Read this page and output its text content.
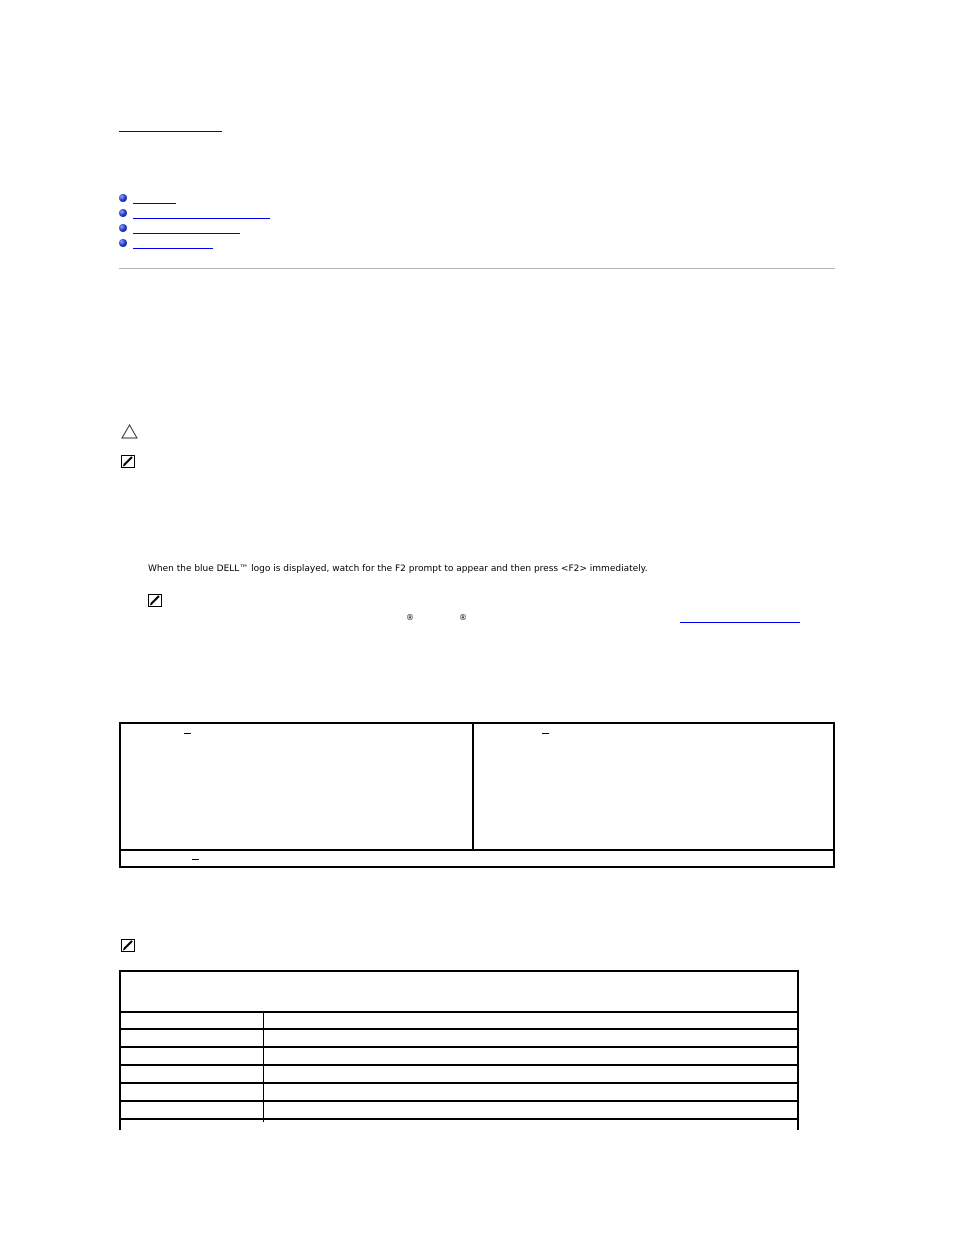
When the blue DELL™ logo is displayed, watch for the F2 prompt to appear and then press <F2> immediately.
®	®
